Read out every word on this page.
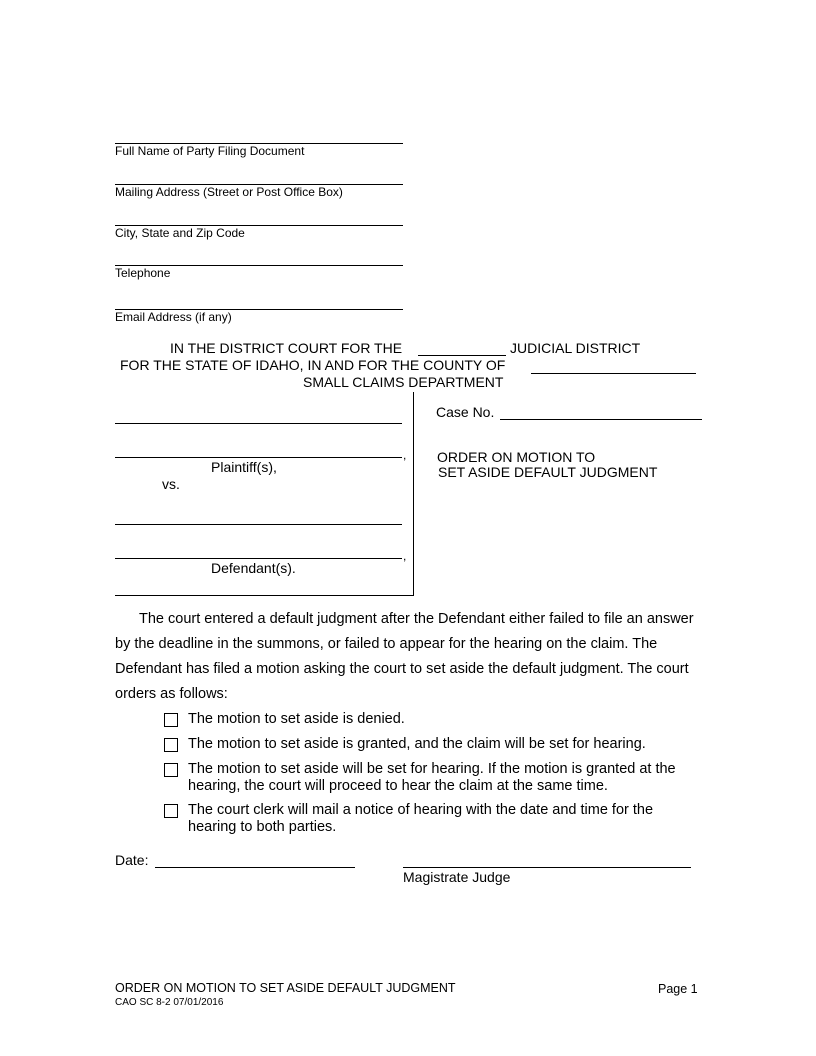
Full Name of Party Filing Document
Mailing Address (Street or Post Office Box)
City, State and Zip Code
Telephone
Email Address (if any)
IN THE DISTRICT COURT FOR THE	JUDICIAL DISTRICT
FOR THE STATE OF IDAHO, IN AND FOR THE COUNTY OF
SMALL CLAIMS DEPARTMENT
,
Plaintiff(s),
vs.
,
Defendant(s).
Case No.
ORDER ON MOTION TO
SET ASIDE DEFAULT JUDGMENT
The court entered a default judgment after the Defendant either failed to file an answer
by the deadline in the summons, or failed to appear for the hearing on the claim. The
Defendant has filed a motion asking the court to set aside the default judgment. The court
orders as follows:
The motion to set aside is denied.
The motion to set aside is granted, and the claim will be set for hearing.
The motion to set aside will be set for hearing. If the motion is granted at the
hearing, the court will proceed to hear the claim at the same time.
The court clerk will mail a notice of hearing with the date and time for the
hearing to both parties.
Date:
Magistrate Judge
ORDER ON MOTION TO SET ASIDE DEFAULT JUDGMENT
CAO SC 8-2 07/01/2016
Page 1
